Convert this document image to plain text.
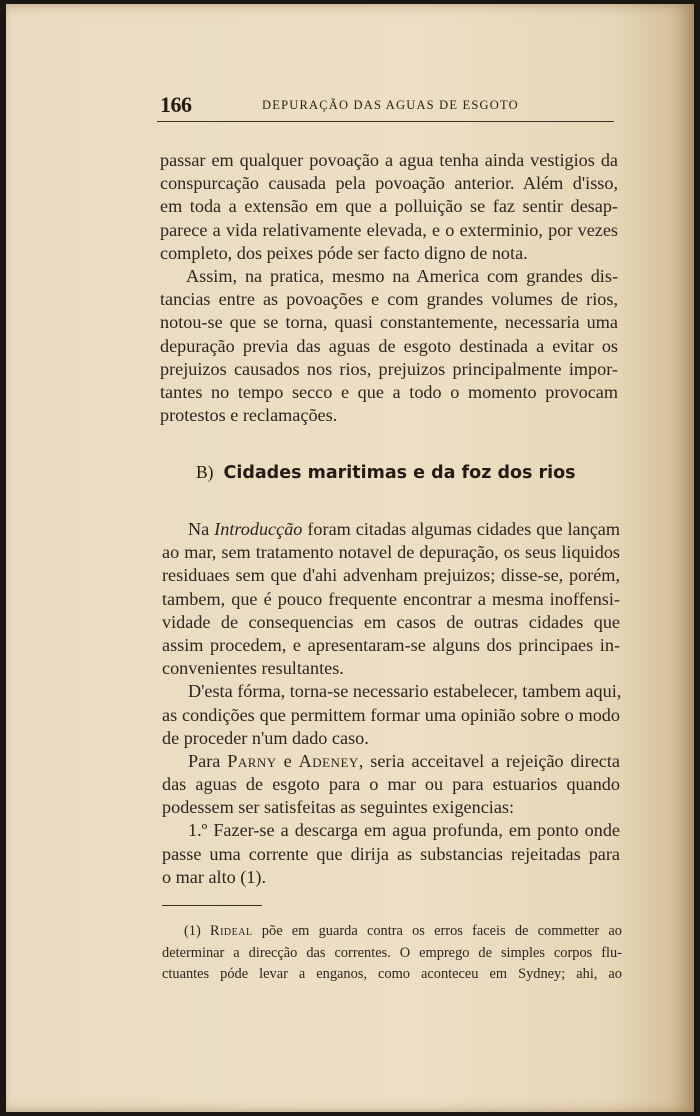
166	DEPURAÇÃO DAS AGUAS DE ESGOTO
passar em qualquer povoação a agua tenha ainda vestigios da
conspurcação causada pela povoação anterior. Além d'isso,
em toda a extensão em que a polluição se faz sentir desap-
parece a vida relativamente elevada, e o exterminio, por vezes
completo, dos peixes póde ser facto digno de nota.
Assim, na pratica, mesmo na America com grandes dis-
tancias entre as povoações e com grandes volumes de rios,
notou-se que se torna, quasi constantemente, necessaria uma
depuração previa das aguas de esgoto destinada a evitar os
prejuizos causados nos rios, prejuizos principalmente impor-
tantes no tempo secco e que a todo o momento provocam
protestos e reclamações.
B) Cidades maritimas e da foz dos rios
Na Introducção foram citadas algumas cidades que lançam
ao mar, sem tratamento notavel de depuração, os seus liquidos
residuaes sem que d'ahi advenham prejuizos; disse-se, porém,
tambem, que é pouco frequente encontrar a mesma inoffensi-
vidade de consequencias em casos de outras cidades que
assim procedem, e apresentaram-se alguns dos principaes in-
convenientes resultantes.
D'esta fórma, torna-se necessario estabelecer, tambem aqui,
as condições que permittem formar uma opinião sobre o modo
de proceder n'um dado caso.
Para Parny e Adeney, seria acceitavel a rejeição directa
das aguas de esgoto para o mar ou para estuarios quando
podessem ser satisfeitas as seguintes exigencias:
1.º Fazer-se a descarga em agua profunda, em ponto onde
passe uma corrente que dirija as substancias rejeitadas para
o mar alto (1).
(1) Rideal põe em guarda contra os erros faceis de commetter ao
determinar a direcção das correntes. O emprego de simples corpos flu-
ctuantes póde levar a enganos, como aconteceu em Sydney; ahi, ao
